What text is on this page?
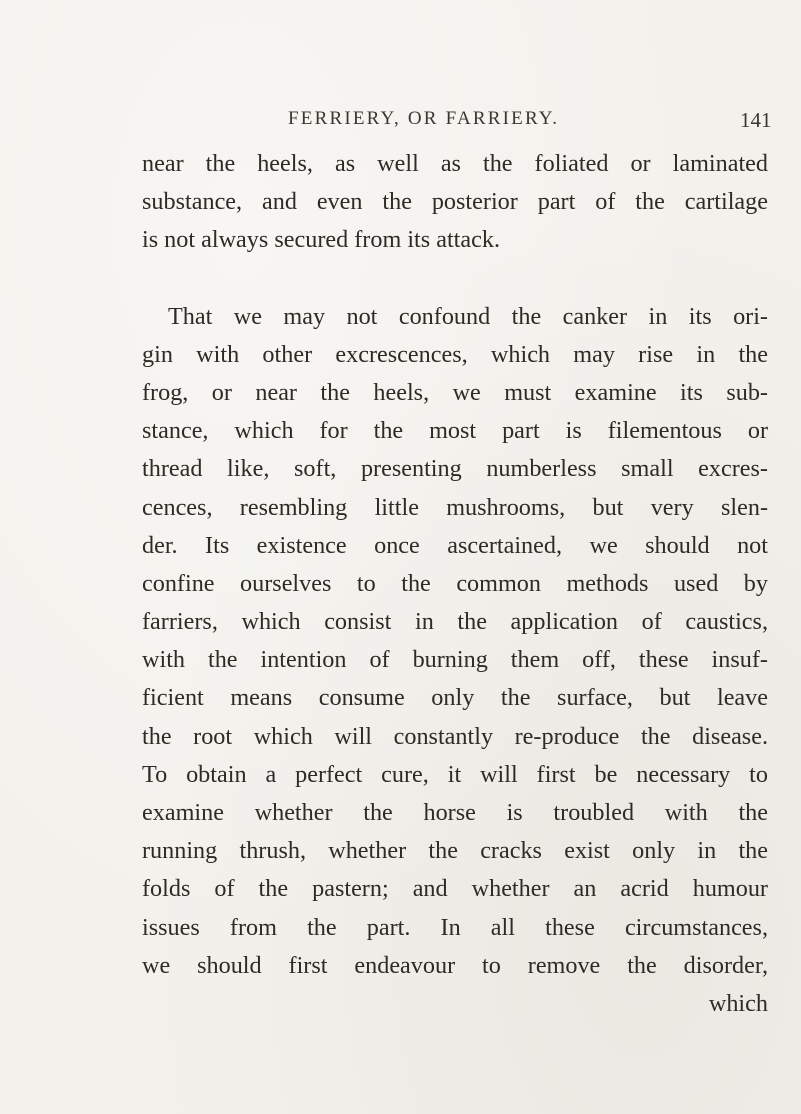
FERRIERY, OR FARRIERY.	141
near the heels, as well as the foliated or laminated
substance, and even the posterior part of the cartilage
is not always secured from its attack.
That we may not confound the canker in its ori-
gin with other excrescences, which may rise in the
frog, or near the heels, we must examine its sub-
stance, which for the most part is filementous or
thread like, soft, presenting numberless small excres-
cences, resembling little mushrooms, but very slen-
der. Its existence once ascertained, we should not
confine ourselves to the common methods used by
farriers, which consist in the application of caustics,
with the intention of burning them off, these insuf-
ficient means consume only the surface, but leave
the root which will constantly re-produce the disease.
To obtain a perfect cure, it will first be necessary to
examine whether the horse is troubled with the
running thrush, whether the cracks exist only in the
folds of the pastern; and whether an acrid humour
issues from the part. In all these circumstances,
we should first endeavour to remove the disorder,
which
